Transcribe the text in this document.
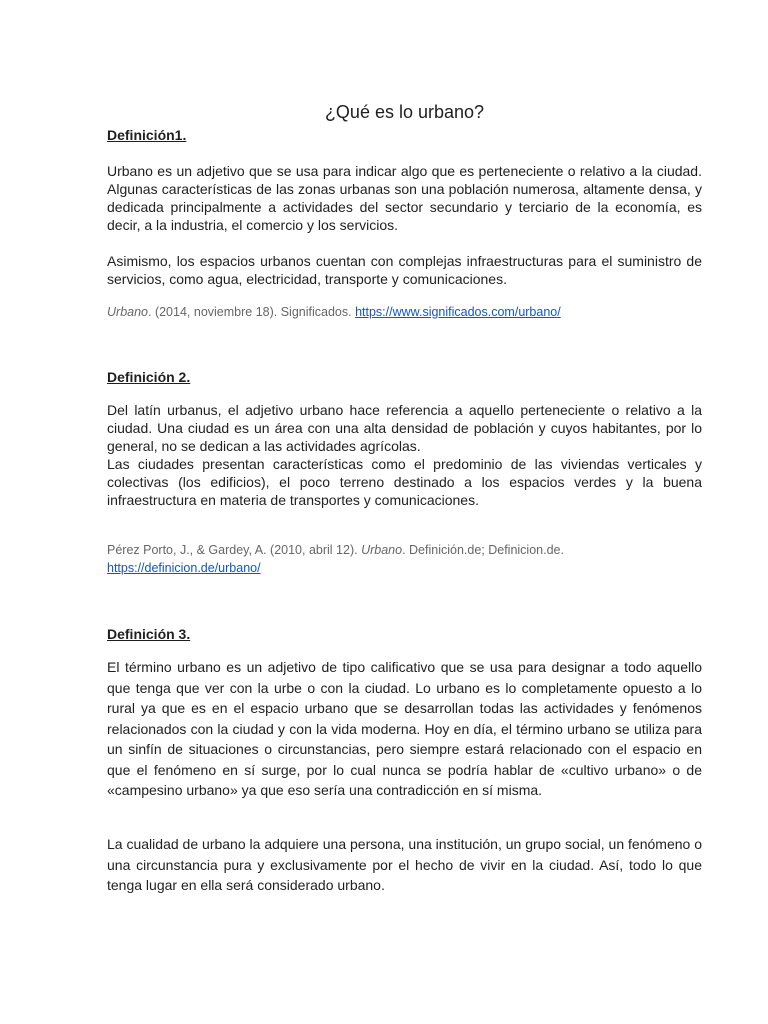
¿Qué es lo urbano?

Definición1.

Urbano es un adjetivo que se usa para indicar algo que es perteneciente o relativo a la ciudad. Algunas características de las zonas urbanas son una población numerosa, altamente densa, y dedicada principalmente a actividades del sector secundario y terciario de la economía, es decir, a la industria, el comercio y los servicios.

Asimismo, los espacios urbanos cuentan con complejas infraestructuras para el suministro de servicios, como agua, electricidad, transporte y comunicaciones.

Urbano. (2014, noviembre 18). Significados. https://www.significados.com/urbano/

Definición 2.

Del latín urbanus, el adjetivo urbano hace referencia a aquello perteneciente o relativo a la ciudad. Una ciudad es un área con una alta densidad de población y cuyos habitantes, por lo general, no se dedican a las actividades agrícolas.

Las ciudades presentan características como el predominio de las viviendas verticales y colectivas (los edificios), el poco terreno destinado a los espacios verdes y la buena infraestructura en materia de transportes y comunicaciones.

Pérez Porto, J., & Gardey, A. (2010, abril 12). Urbano. Definición.de; Definicion.de.
https://definicion.de/urbano/

Definición 3.

El término urbano es un adjetivo de tipo calificativo que se usa para designar a todo aquello que tenga que ver con la urbe o con la ciudad. Lo urbano es lo completamente opuesto a lo rural ya que es en el espacio urbano que se desarrollan todas las actividades y fenómenos relacionados con la ciudad y con la vida moderna. Hoy en día, el término urbano se utiliza para un sinfín de situaciones o circunstancias, pero siempre estará relacionado con el espacio en que el fenómeno en sí surge, por lo cual nunca se podría hablar de «cultivo urbano» o de «campesino urbano» ya que eso sería una contradicción en sí misma.

La cualidad de urbano la adquiere una persona, una institución, un grupo social, un fenómeno o una circunstancia pura y exclusivamente por el hecho de vivir en la ciudad. Así, todo lo que tenga lugar en ella será considerado urbano.
